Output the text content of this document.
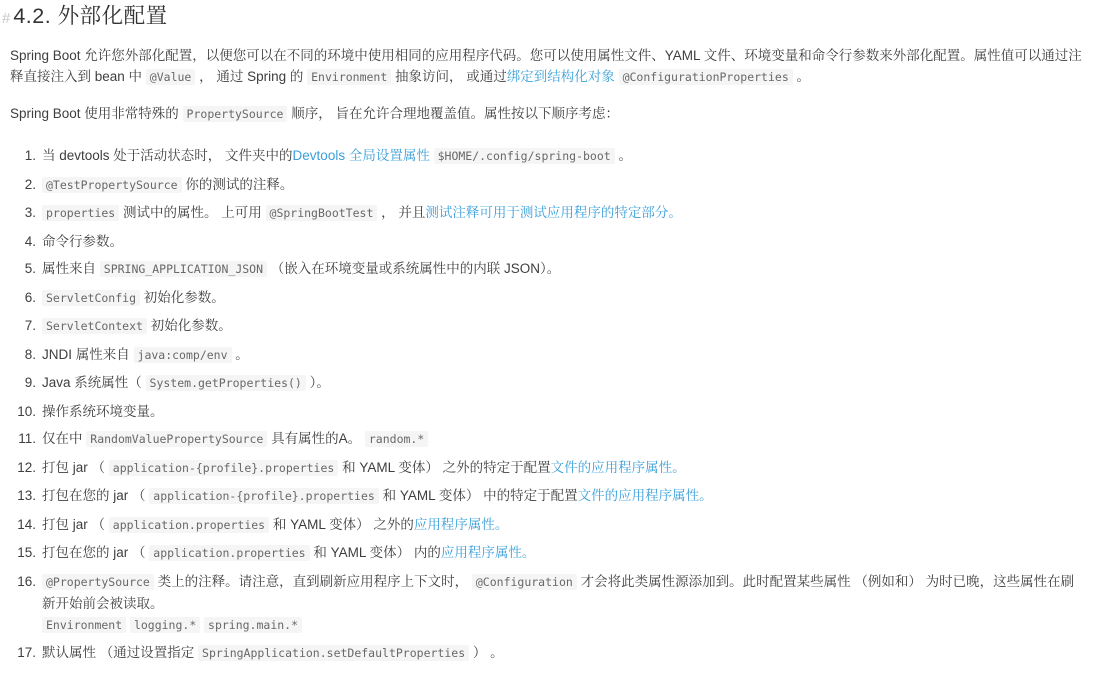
# 4.2. 外部化配置

Spring Boot 允许您外部化配置，以便您可以在不同的环境中使用相同的应用程序代码。您可以使用属性文件、YAML 文件、环境变量和命令行参数来外部化配置。属性值可以通过注释直接注入到 bean 中 @Value ， 通过 Spring 的 Environment 抽象访问， 或通过绑定到结构化对象 @ConfigurationProperties 。

Spring Boot 使用非常特殊的 PropertySource 顺序， 旨在允许合理地覆盖值。属性按以下顺序考虑：

1. 当 devtools 处于活动状态时， 文件夹中的Devtools 全局设置属性 $HOME/.config/spring-boot 。
2. @TestPropertySource 你的测试的注释。
3. properties 测试中的属性。 上可用 @SpringBootTest ， 并且测试注释可用于测试应用程序的特定部分。
4. 命令行参数。
5. 属性来自 SPRING_APPLICATION_JSON （嵌入在环境变量或系统属性中的内联 JSON）。
6. ServletConfig 初始化参数。
7. ServletContext 初始化参数。
8. JNDI 属性来自 java:comp/env 。
9. Java 系统属性（ System.getProperties() ）。
10. 操作系统环境变量。
11. 仅在中 RandomValuePropertySource 具有属性的A。 random.*
12. 打包 jar （ application-{profile}.properties 和 YAML 变体） 之外的特定于配置文件的应用程序属性。
13. 打包在您的 jar （ application-{profile}.properties 和 YAML 变体） 中的特定于配置文件的应用程序属性。
14. 打包 jar （ application.properties 和 YAML 变体） 之外的应用程序属性。
15. 打包在您的 jar （ application.properties 和 YAML 变体） 内的应用程序属性。
16. @PropertySource 类上的注释。请注意，直到刷新应用程序上下文时， @Configuration 才会将此类属性源添加到。此时配置某些属性 （例如和） 为时已晚，这些属性在刷新开始前会被读取。
Environment logging.* spring.main.*
17. 默认属性 （通过设置指定 SpringApplication.setDefaultProperties ） 。
